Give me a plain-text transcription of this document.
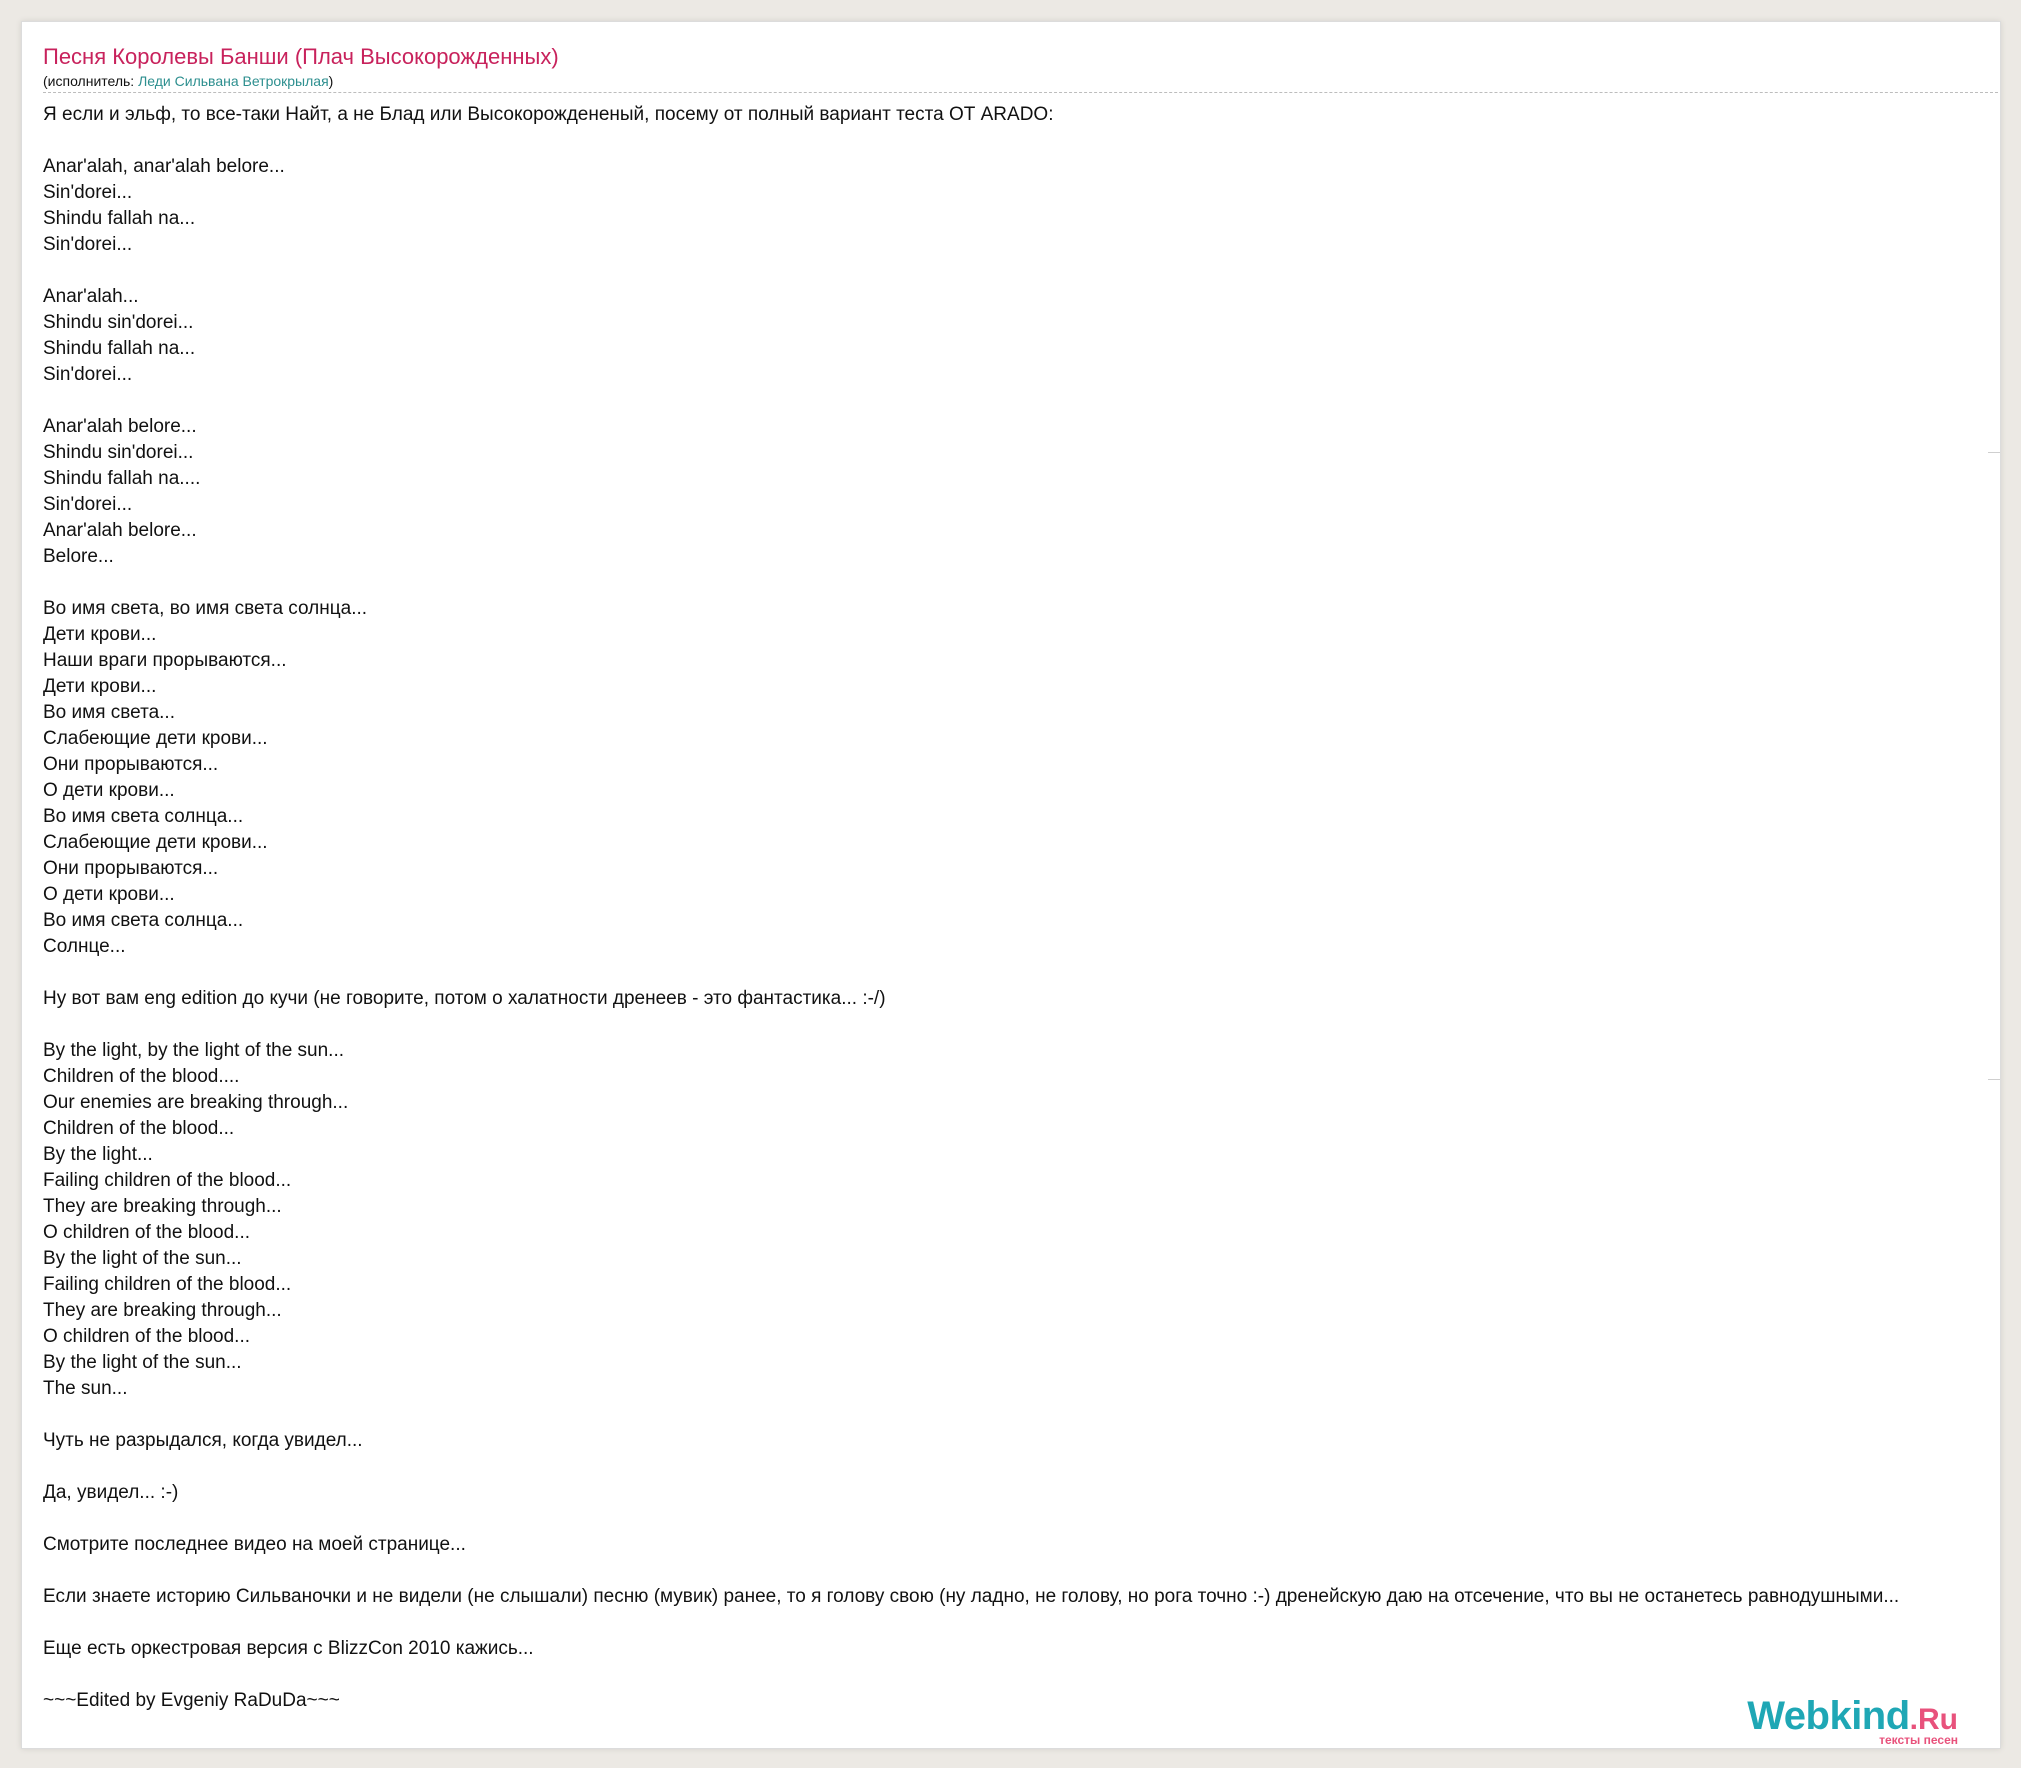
Песня Королевы Банши (Плач Высокорожденных)
(исполнитель: Леди Сильвана Ветрокрылая)
Я если и эльф, то все-таки Найт, а не Блад или Высокорождененый, посему от полный вариант теста ОТ ARADO:

Anar'alah, anar'alah belore...
Sin'dorei...
Shindu fallah na...
Sin'dorei...

Anar'alah...
Shindu sin'dorei...
Shindu fallah na...
Sin'dorei...

Anar'alah belore...
Shindu sin'dorei...
Shindu fallah na....
Sin'dorei...
Anar'alah belore...
Belore...

Во имя света, во имя света солнца...
Дети крови...
Наши враги прорываются...
Дети крови...
Во имя света...
Слабеющие дети крови...
Они прорываются...
О дети крови...
Во имя света солнца...
Слабеющие дети крови...
Они прорываются...
О дети крови...
Во имя света солнца...
Солнце...

Ну вот вам eng edition до кучи (не говорите, потом о халатности дренеев - это фантастика... :-/)

By the light, by the light of the sun...
Children of the blood....
Our enemies are breaking through...
Children of the blood...
By the light...
Failing children of the blood...
They are breaking through...
O children of the blood...
By the light of the sun...
Failing children of the blood...
They are breaking through...
O children of the blood...
By the light of the sun...
The sun...

Чуть не разрыдался, когда увидел...

Да, увидел... :-)

Смотрите последнее видео на моей странице...

Если знаете историю Сильваночки и не видели (не слышали) песню (мувик) ранее, то я голову свою (ну ладно, не голову, но рога точно :-) дренейскую даю на отсечение, что вы не останетесь равнодушными...

Еще есть оркестровая версия с BlizzCon 2010 кажись...

~~~Edited by Evgeniy RaDuDa~~~	Webkind.Ru
тексты песен
